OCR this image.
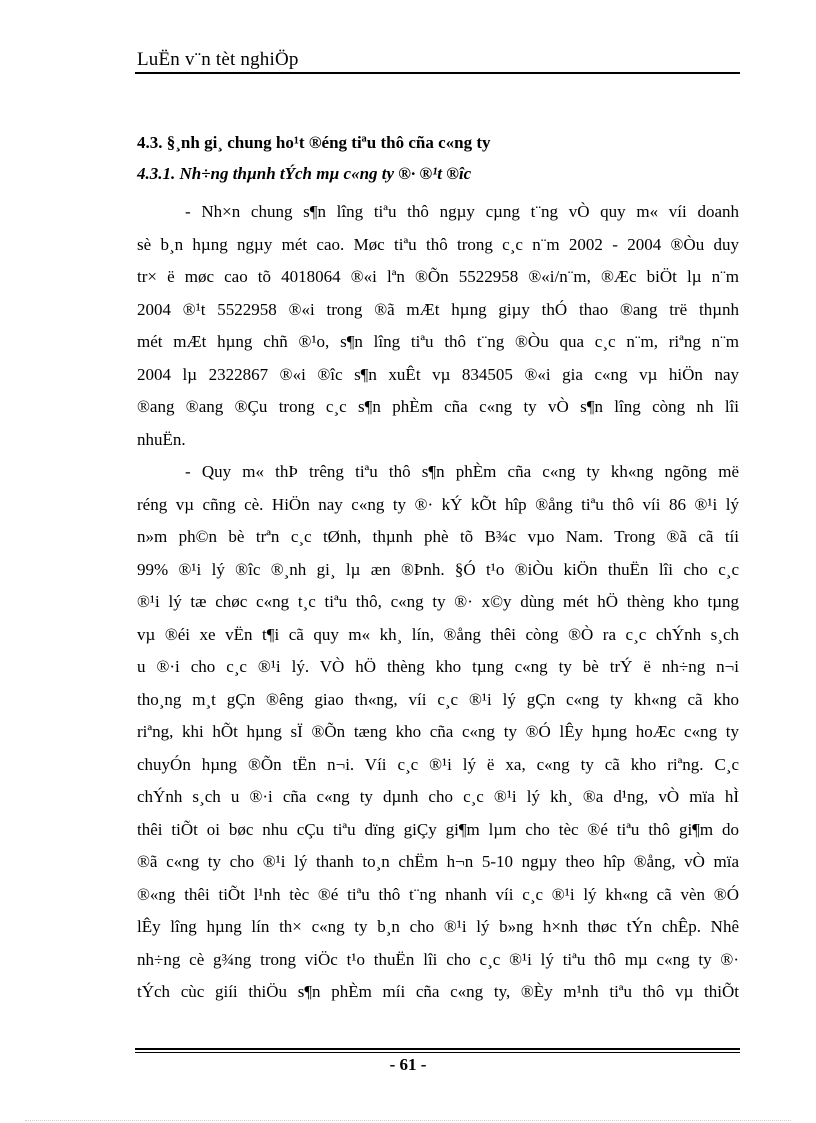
LuËn v¨n tèt nghiÖp
4.3. §¸nh gi¸ chung ho¹t ®éng tiªu thô cña c«ng ty
4.3.1. Nh÷ng thµnh tÝch mµ c«ng ty ®· ®¹t ®îc
- Nh×n chung s¶n lîng tiªu thô ngµy cµng t¨ng vÒ quy m« víi doanh
sè b¸n hµng ngµy mét cao. Møc tiªu thô trong c¸c n¨m 2002 - 2004 ®Òu duy
tr× ë møc cao tõ 4018064 ®«i lªn ®Õn 5522958 ®«i/n¨m, ®Æc biÖt lµ n¨m
2004 ®¹t 5522958 ®«i trong ®ã mÆt hµng giµy thÓ thao ®ang trë thµnh
mét mÆt hµng chñ ®¹o, s¶n lîng tiªu thô t¨ng ®Òu qua c¸c n¨m, riªng n¨m
2004 lµ 2322867 ®«i ®îc s¶n xuÊt vµ 834505 ®«i gia c«ng vµ hiÖn nay
®ang ®ang ®Çu trong c¸c s¶n phÈm cña c«ng ty vÒ s¶n lîng còng nh lîi
nhuËn.
- Quy m« thÞ trêng tiªu thô s¶n phÈm cña c«ng ty kh«ng ngõng më
réng vµ cñng cè. HiÖn nay c«ng ty ®· kÝ kÕt hîp ®ång tiªu thô víi 86 ®¹i lý
n»m ph©n bè trªn c¸c tØnh, thµnh phè tõ B¾c vµo Nam. Trong ®ã cã tíi
99% ®¹i lý ®îc ®¸nh gi¸ lµ æn ®Þnh. §Ó t¹o ®iÒu kiÖn thuËn lîi cho c¸c
®¹i lý tæ chøc c«ng t¸c tiªu thô, c«ng ty ®· x©y dùng mét hÖ thèng kho tµng
vµ ®éi xe vËn t¶i cã quy m« kh¸ lín, ®ång thêi còng ®Ò ra c¸c chÝnh s¸ch
u ®·i cho c¸c ®¹i lý. VÒ hÖ thèng kho tµng c«ng ty bè trÝ ë nh÷ng n¬i
tho¸ng m¸t gÇn ®êng giao th«ng, víi c¸c ®¹i lý gÇn c«ng ty kh«ng cã kho
riªng, khi hÕt hµng sÏ ®Õn tæng kho cña c«ng ty ®Ó lÊy hµng hoÆc c«ng ty
chuyÓn hµng ®Õn tËn n¬i. Víi c¸c ®¹i lý ë xa, c«ng ty cã kho riªng. C¸c
chÝnh s¸ch u ®·i cña c«ng ty dµnh cho c¸c ®¹i lý kh¸ ®a d¹ng, vÒ mïa hÌ
thêi tiÕt oi bøc nhu cÇu tiªu dïng giÇy gi¶m lµm cho tèc ®é tiªu thô gi¶m do
®ã c«ng ty cho ®¹i lý thanh to¸n chËm h¬n 5-10 ngµy theo hîp ®ång, vÒ mïa
®«ng thêi tiÕt l¹nh tèc ®é tiªu thô t¨ng nhanh víi c¸c ®¹i lý kh«ng cã vèn ®Ó
lÊy lîng hµng lín th× c«ng ty b¸n cho ®¹i lý b»ng h×nh thøc tÝn chÊp. Nhê
nh÷ng cè g¾ng trong viÖc t¹o thuËn lîi cho c¸c ®¹i lý tiªu thô mµ c«ng ty ®·
tÝch cùc giíi thiÖu s¶n phÈm míi cña c«ng ty, ®Èy m¹nh tiªu thô vµ thiÕt
- 61 -
